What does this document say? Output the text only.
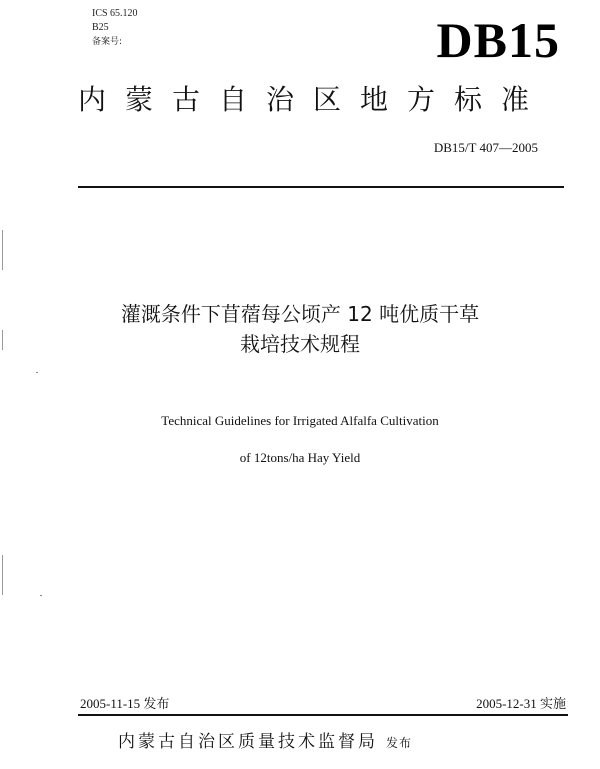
ICS 65.120
B25
备案号:	DB15
内蒙古自治区地方标准
DB15/T 407—2005
灌溉条件下苜蓿每公顷产 12 吨优质干草
栽培技术规程
Technical Guidelines for Irrigated Alfalfa Cultivation
of 12tons/ha Hay Yield
2005-11-15 发布	2005-12-31 实施
内蒙古自治区质量技术监督局 发布
